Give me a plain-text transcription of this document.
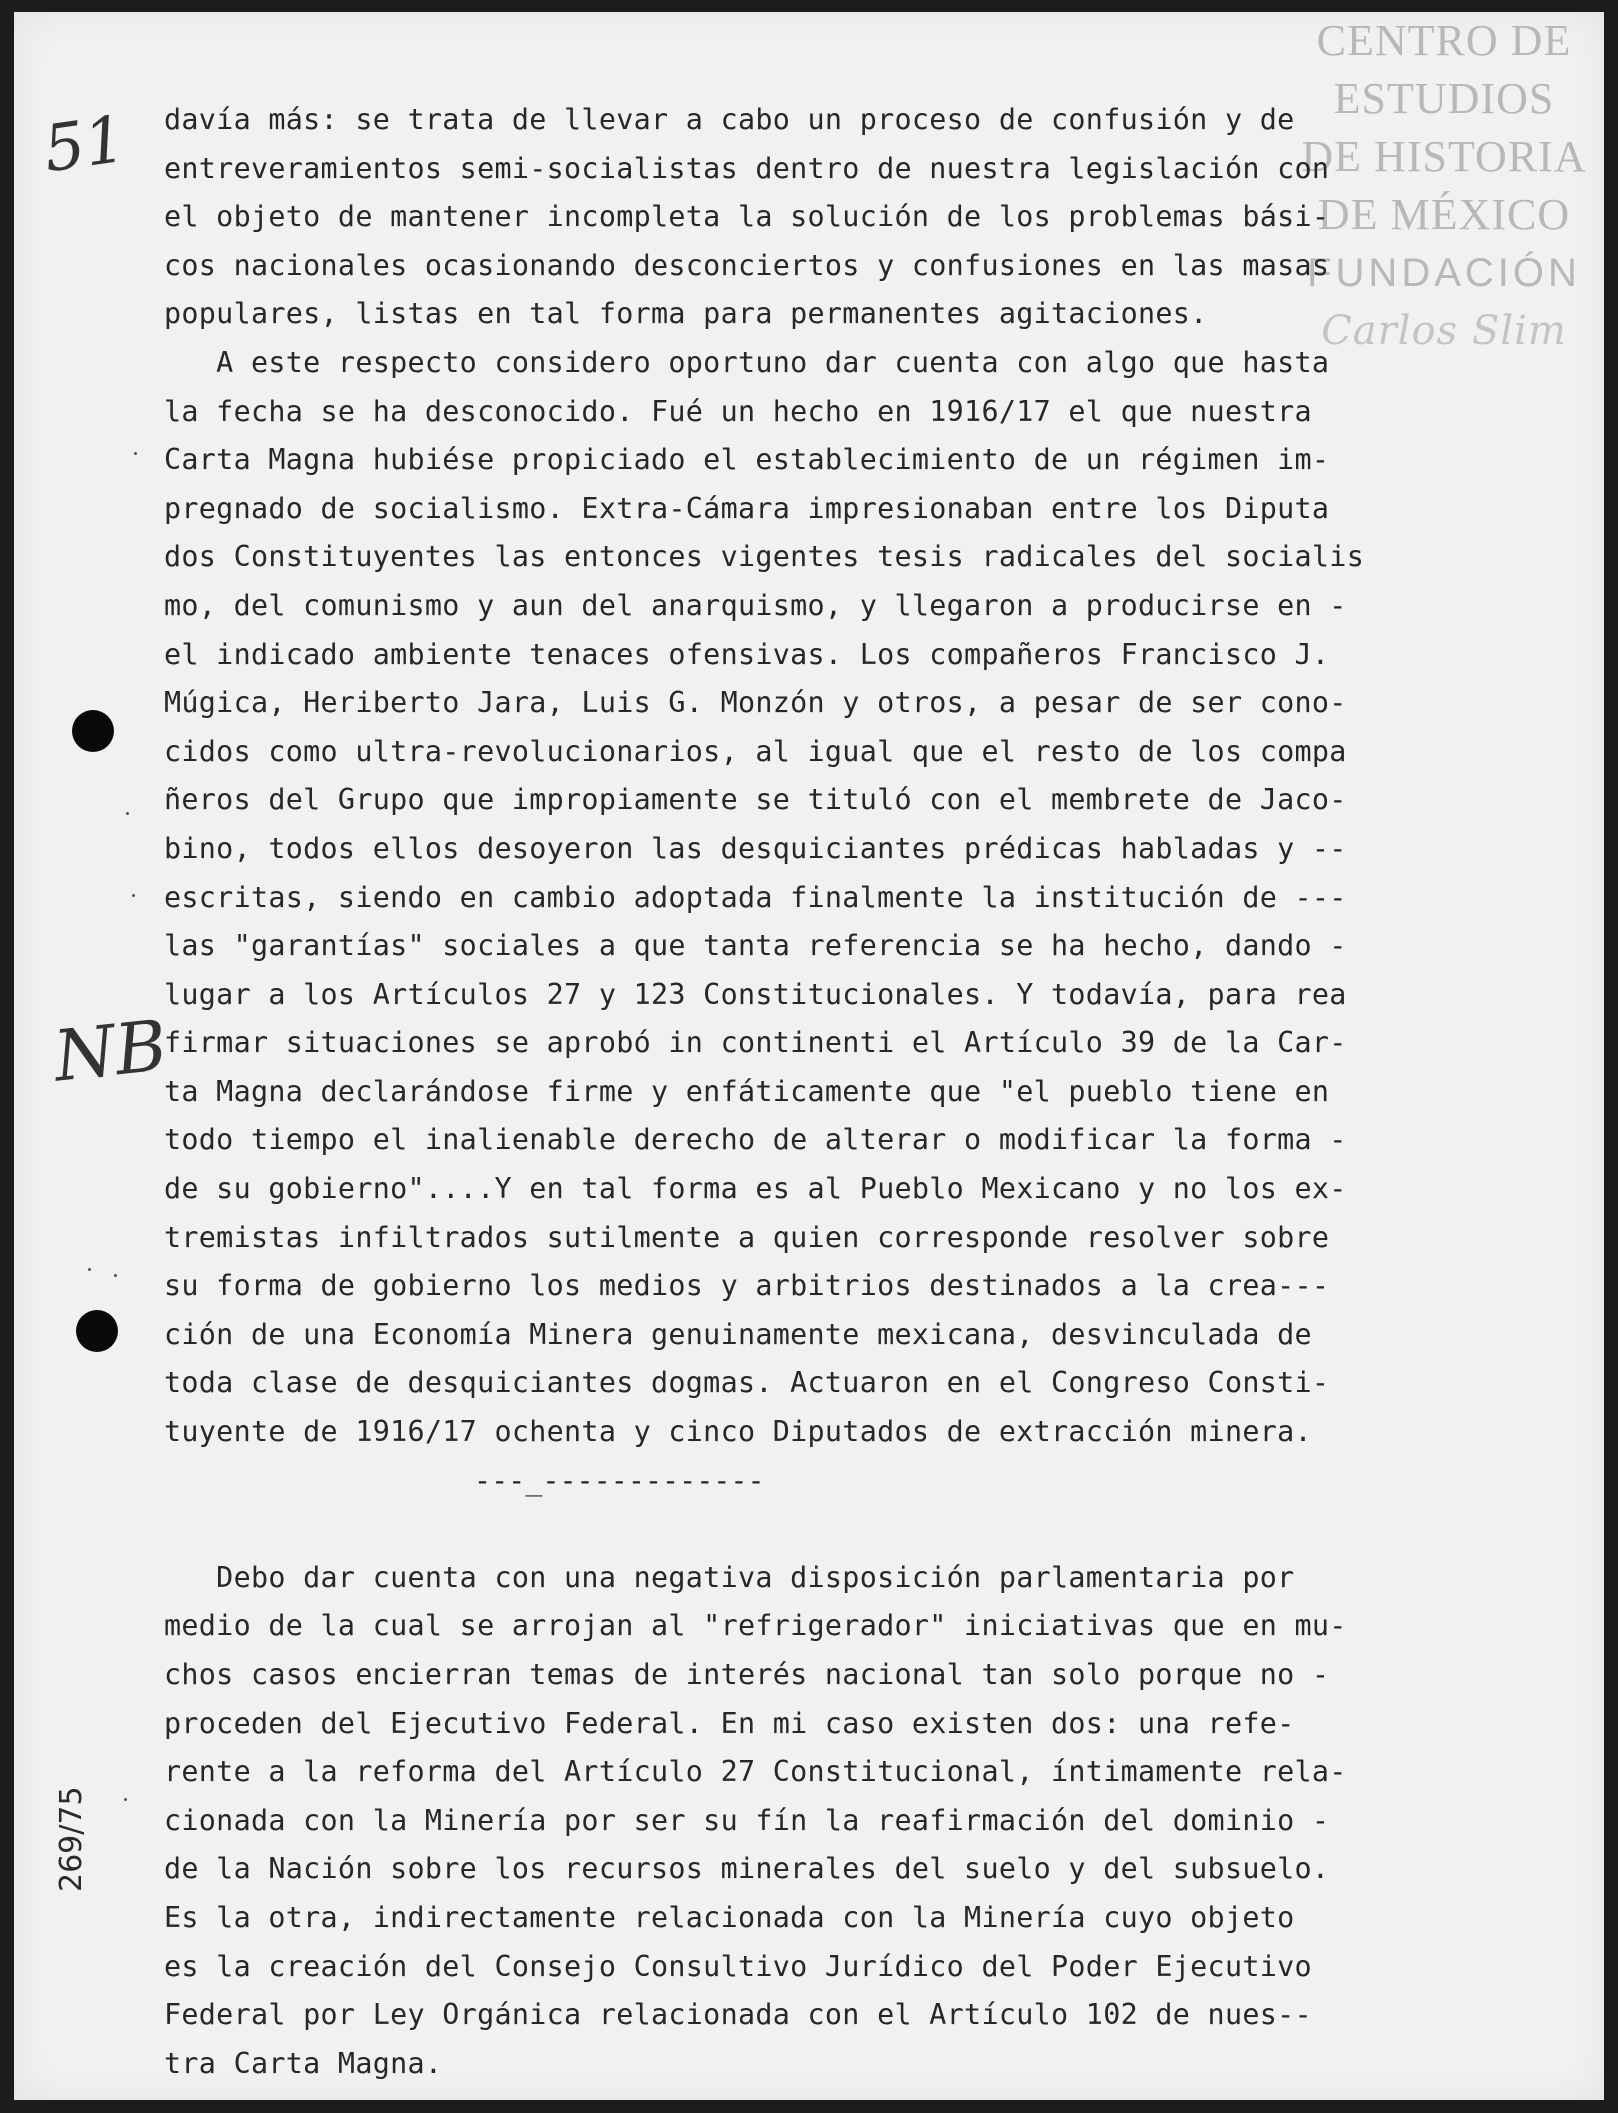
CENTRO DE
ESTUDIOS
DE HISTORIA
DE MÉXICO
FUNDACIÓN
Carlos Slim
51
NB
davía más: se trata de llevar a cabo un proceso de confusión y de
entreveramientos semi-socialistas dentro de nuestra legislación con
el objeto de mantener incompleta la solución de los problemas bási-
cos nacionales ocasionando desconciertos y confusiones en las masas
populares, listas en tal forma para permanentes agitaciones.
A este respecto considero oportuno dar cuenta con algo que hasta
la fecha se ha desconocido. Fué un hecho en 1916/17 el que nuestra
Carta Magna hubiése propiciado el establecimiento de un régimen im-
pregnado de socialismo. Extra-Cámara impresionaban entre los Diputa
dos Constituyentes las entonces vigentes tesis radicales del socialis
mo, del comunismo y aun del anarquismo, y llegaron a producirse en -
el indicado ambiente tenaces ofensivas. Los compañeros Francisco J.
Múgica, Heriberto Jara, Luis G. Monzón y otros, a pesar de ser cono-
cidos como ultra-revolucionarios, al igual que el resto de los compa
ñeros del Grupo que impropiamente se tituló con el membrete de Jaco-
bino, todos ellos desoyeron las desquiciantes prédicas habladas y --
escritas, siendo en cambio adoptada finalmente la institución de ---
las "garantías" sociales a que tanta referencia se ha hecho, dando -
lugar a los Artículos 27 y 123 Constitucionales. Y todavía, para rea
firmar situaciones se aprobó in continenti el Artículo 39 de la Car-
ta Magna declarándose firme y enfáticamente que "el pueblo tiene en
todo tiempo el inalienable derecho de alterar o modificar la forma -
de su gobierno"....Y en tal forma es al Pueblo Mexicano y no los ex-
tremistas infiltrados sutilmente a quien corresponde resolver sobre
su forma de gobierno los medios y arbitrios destinados a la crea---
ción de una Economía Minera genuinamente mexicana, desvinculada de
toda clase de desquiciantes dogmas. Actuaron en el Congreso Consti-
tuyente de 1916/17 ochenta y cinco Diputados de extracción minera.
---_-------------
Debo dar cuenta con una negativa disposición parlamentaria por
medio de la cual se arrojan al "refrigerador" iniciativas que en mu-
chos casos encierran temas de interés nacional tan solo porque no -
proceden del Ejecutivo Federal. En mi caso existen dos: una refe-
rente a la reforma del Artículo 27 Constitucional, íntimamente rela-
cionada con la Minería por ser su fín la reafirmación del dominio -
de la Nación sobre los recursos minerales del suelo y del subsuelo.
Es la otra, indirectamente relacionada con la Minería cuyo objeto
es la creación del Consejo Consultivo Jurídico del Poder Ejecutivo
Federal por Ley Orgánica relacionada con el Artículo 102 de nues--
tra Carta Magna.
269/75
